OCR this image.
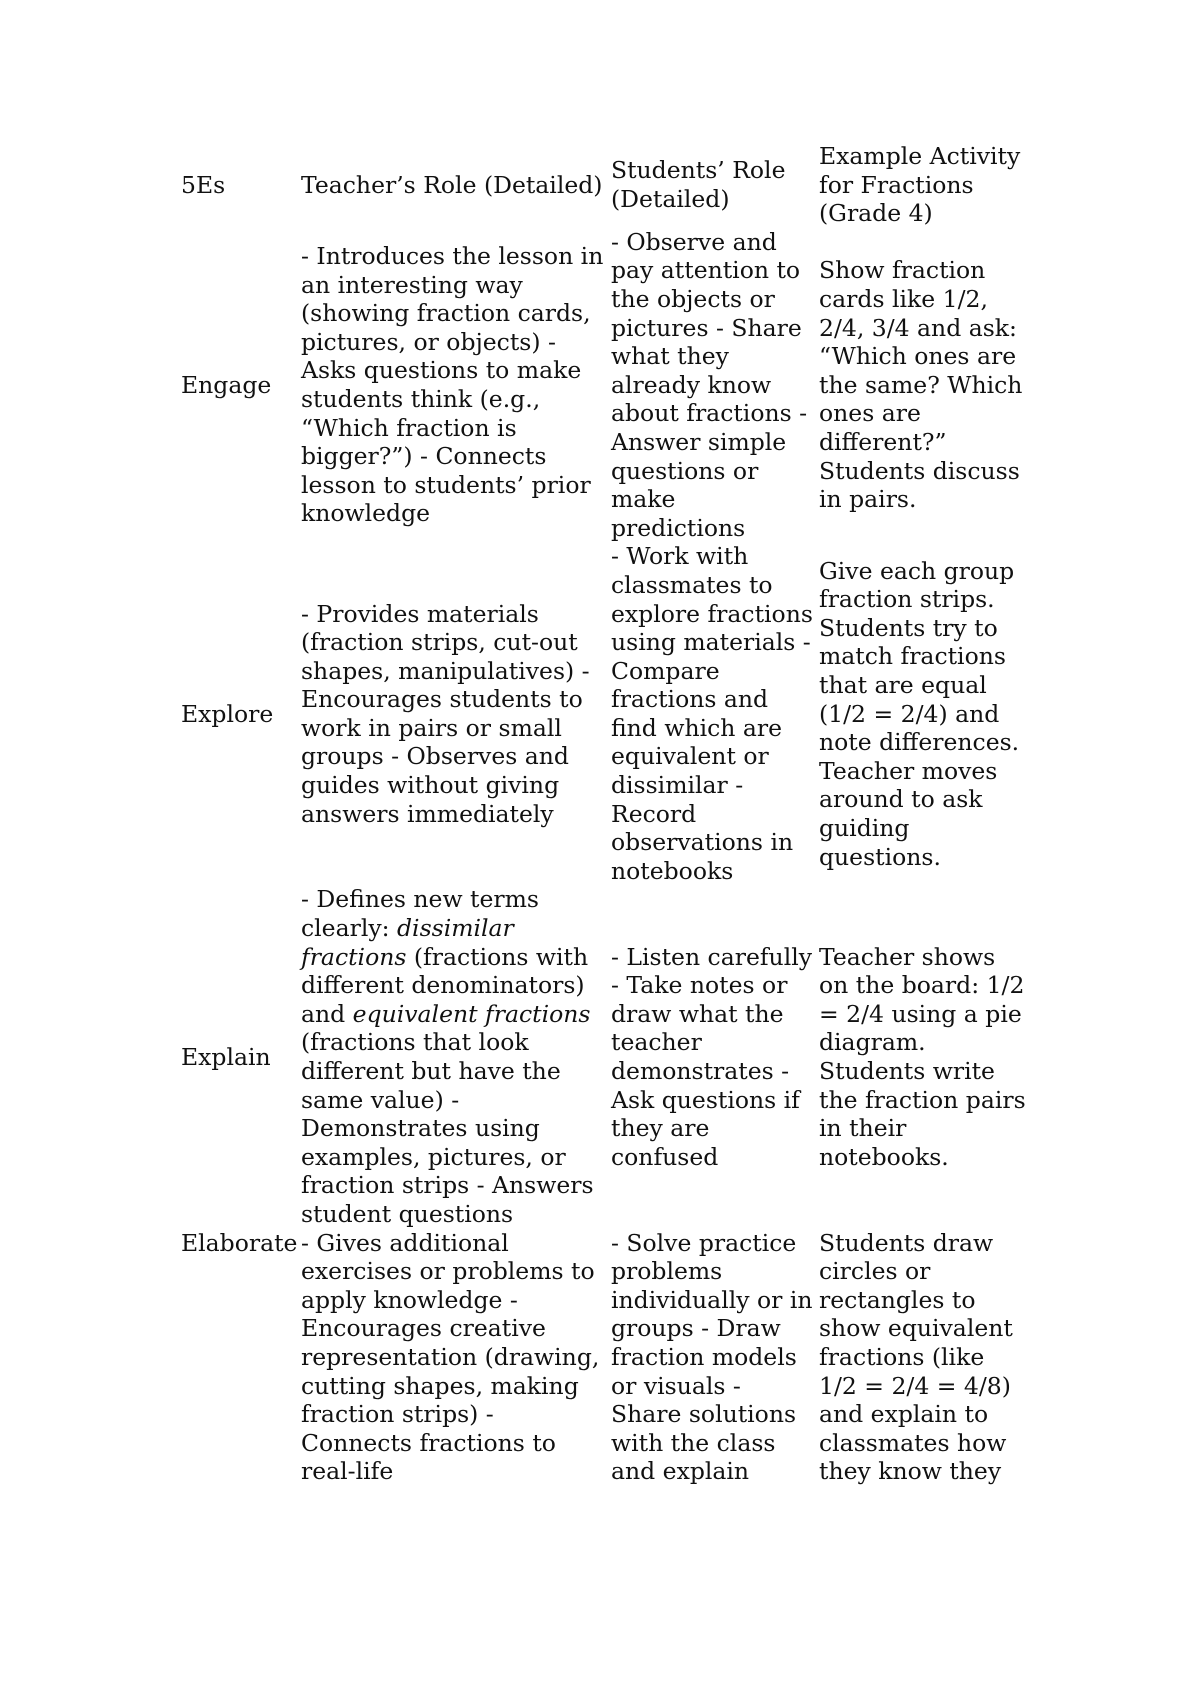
5Es	Teacher’s Role (Detailed)	Students’ Role (Detailed)	Example Activity for Fractions (Grade 4)
Engage	- Introduces the lesson in an interesting way (showing fraction cards, pictures, or objects) - Asks questions to make students think (e.g., “Which fraction is bigger?”) - Connects lesson to students’ prior knowledge	- Observe and pay attention to the objects or pictures - Share what they already know about fractions - Answer simple questions or make predictions	Show fraction cards like 1/2, 2/4, 3/4 and ask: “Which ones are the same? Which ones are different?” Students discuss in pairs.
Explore	- Provides materials (fraction strips, cut-out shapes, manipulatives) - Encourages students to work in pairs or small groups - Observes and guides without giving answers immediately	- Work with classmates to explore fractions using materials - Compare fractions and find which are equivalent or dissimilar - Record observations in notebooks	Give each group fraction strips. Students try to match fractions that are equal (1/2 = 2/4) and note differences. Teacher moves around to ask guiding questions.
Explain	- Defines new terms clearly: dissimilar fractions (fractions with different denominators) and equivalent fractions (fractions that look different but have the same value) - Demonstrates using examples, pictures, or fraction strips - Answers student questions	- Listen carefully - Take notes or draw what the teacher demonstrates - Ask questions if they are confused	Teacher shows on the board: 1/2 = 2/4 using a pie diagram. Students write the fraction pairs in their notebooks.
Elaborate	- Gives additional exercises or problems to apply knowledge - Encourages creative representation (drawing, cutting shapes, making fraction strips) - Connects fractions to real-life	- Solve practice problems individually or in groups - Draw fraction models or visuals - Share solutions with the class and explain	Students draw circles or rectangles to show equivalent fractions (like 1/2 = 2/4 = 4/8) and explain to classmates how they know they
